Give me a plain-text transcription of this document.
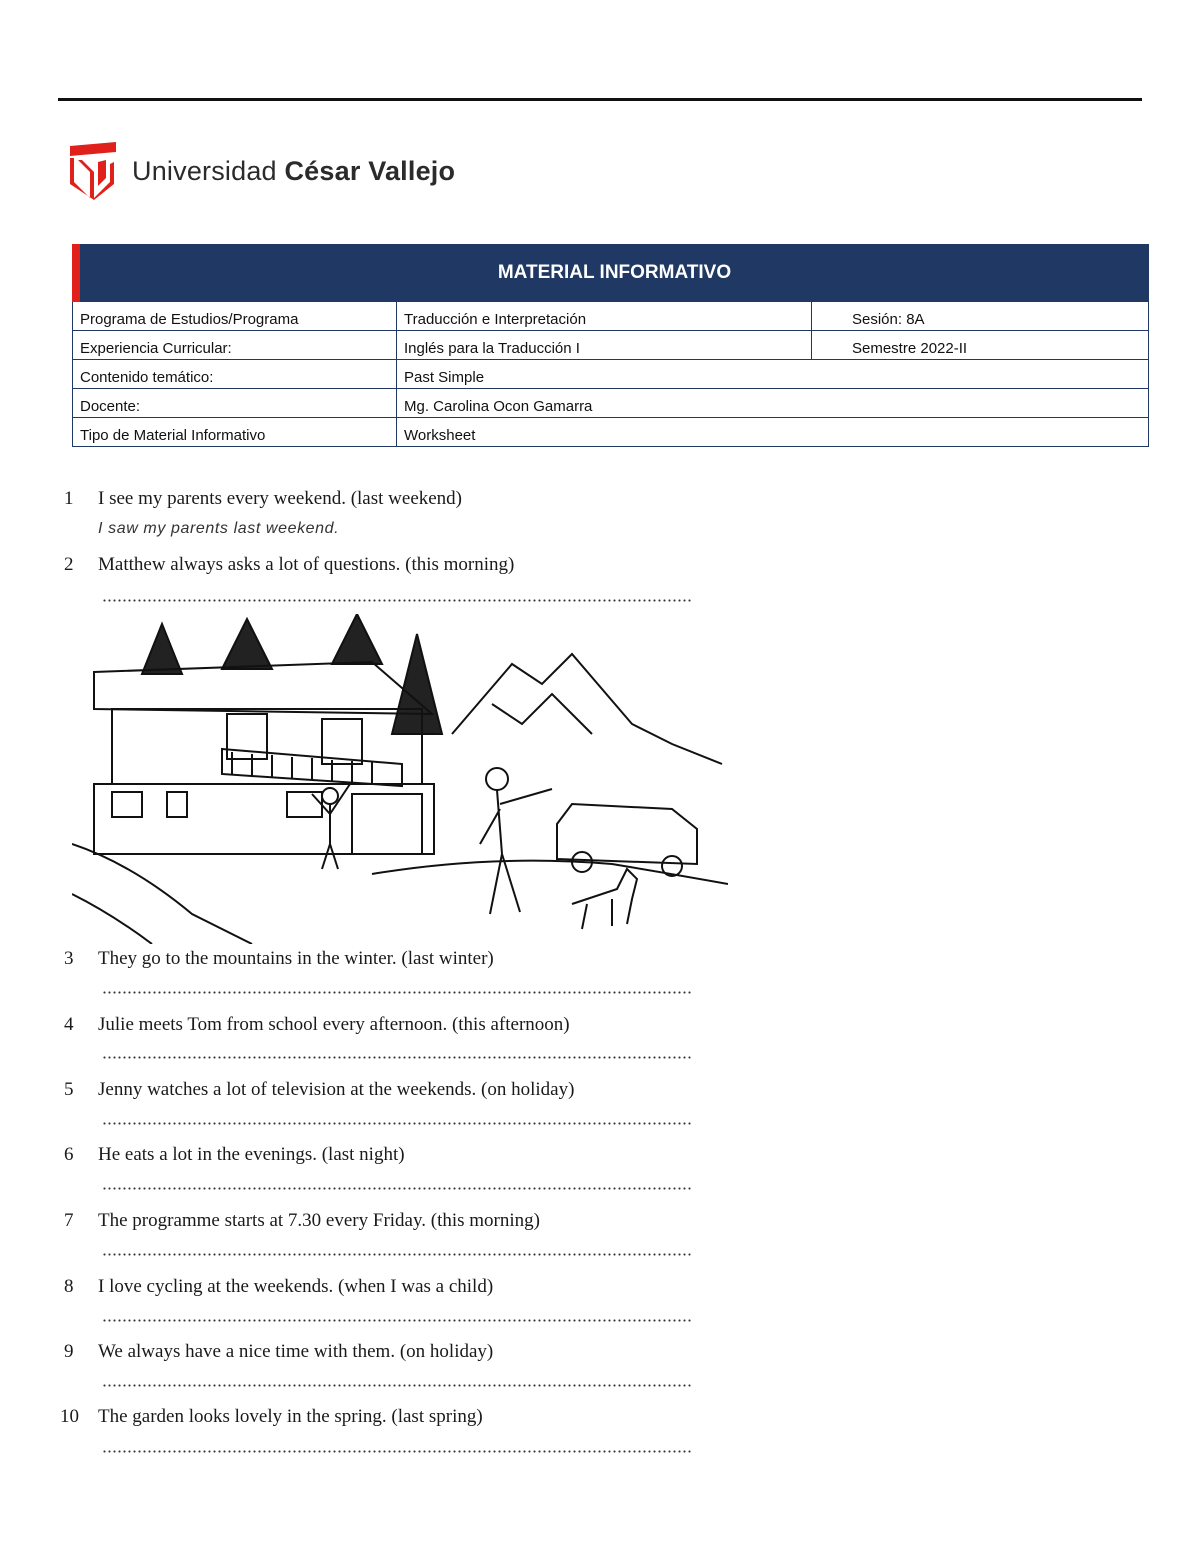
Universidad César Vallejo
MATERIAL INFORMATIVO
Programa de Estudios/Programa	Traducción e Interpretación	Sesión: 8A
Experiencia Curricular:	Inglés para la Traducción I	Semestre 2022-II
Contenido temático:	Past Simple
Docente:	Mg. Carolina Ocon Gamarra
Tipo de Material Informativo	Worksheet
1 I see my parents every weekend. (last weekend)
I saw my parents last weekend.
2 Matthew always asks a lot of questions. (this morning)
3 They go to the mountains in the winter. (last winter)
4 Julie meets Tom from school every afternoon. (this afternoon)
5 Jenny watches a lot of television at the weekends. (on holiday)
6 He eats a lot in the evenings. (last night)
7 The programme starts at 7.30 every Friday. (this morning)
8 I love cycling at the weekends. (when I was a child)
9 We always have a nice time with them. (on holiday)
10 The garden looks lovely in the spring. (last spring)
